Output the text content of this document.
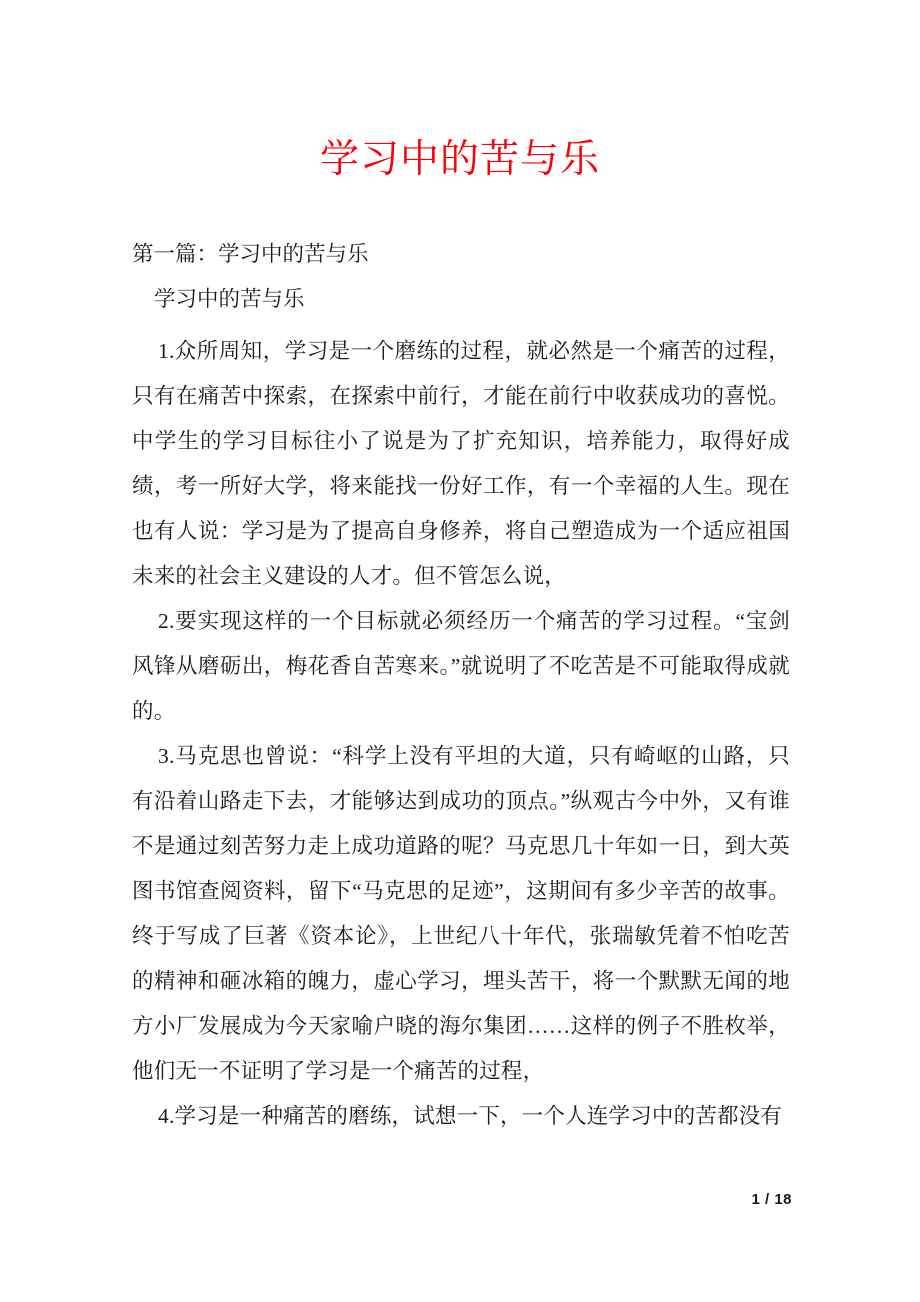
学习中的苦与乐

第一篇：学习中的苦与乐

学习中的苦与乐

1.众所周知，学习是一个磨练的过程，就必然是一个痛苦的过程，只有在痛苦中探索，在探索中前行，才能在前行中收获成功的喜悦。中学生的学习目标往小了说是为了扩充知识，培养能力，取得好成绩，考一所好大学，将来能找一份好工作，有一个幸福的人生。现在也有人说：学习是为了提高自身修养，将自己塑造成为一个适应祖国未来的社会主义建设的人才。但不管怎么说，

2.要实现这样的一个目标就必须经历一个痛苦的学习过程。“宝剑风锋从磨砺出，梅花香自苦寒来。”就说明了不吃苦是不可能取得成就的。

3.马克思也曾说：“科学上没有平坦的大道，只有崎岖的山路，只有沿着山路走下去，才能够达到成功的顶点。”纵观古今中外，又有谁不是通过刻苦努力走上成功道路的呢？马克思几十年如一日，到大英图书馆查阅资料，留下“马克思的足迹”，这期间有多少辛苦的故事。终于写成了巨著《资本论》，上世纪八十年代，张瑞敏凭着不怕吃苦的精神和砸冰箱的魄力，虚心学习，埋头苦干，将一个默默无闻的地方小厂发展成为今天家喻户晓的海尔集团……这样的例子不胜枚举，他们无一不证明了学习是一个痛苦的过程，

4.学习是一种痛苦的磨练，试想一下，一个人连学习中的苦都没有

1 / 18
